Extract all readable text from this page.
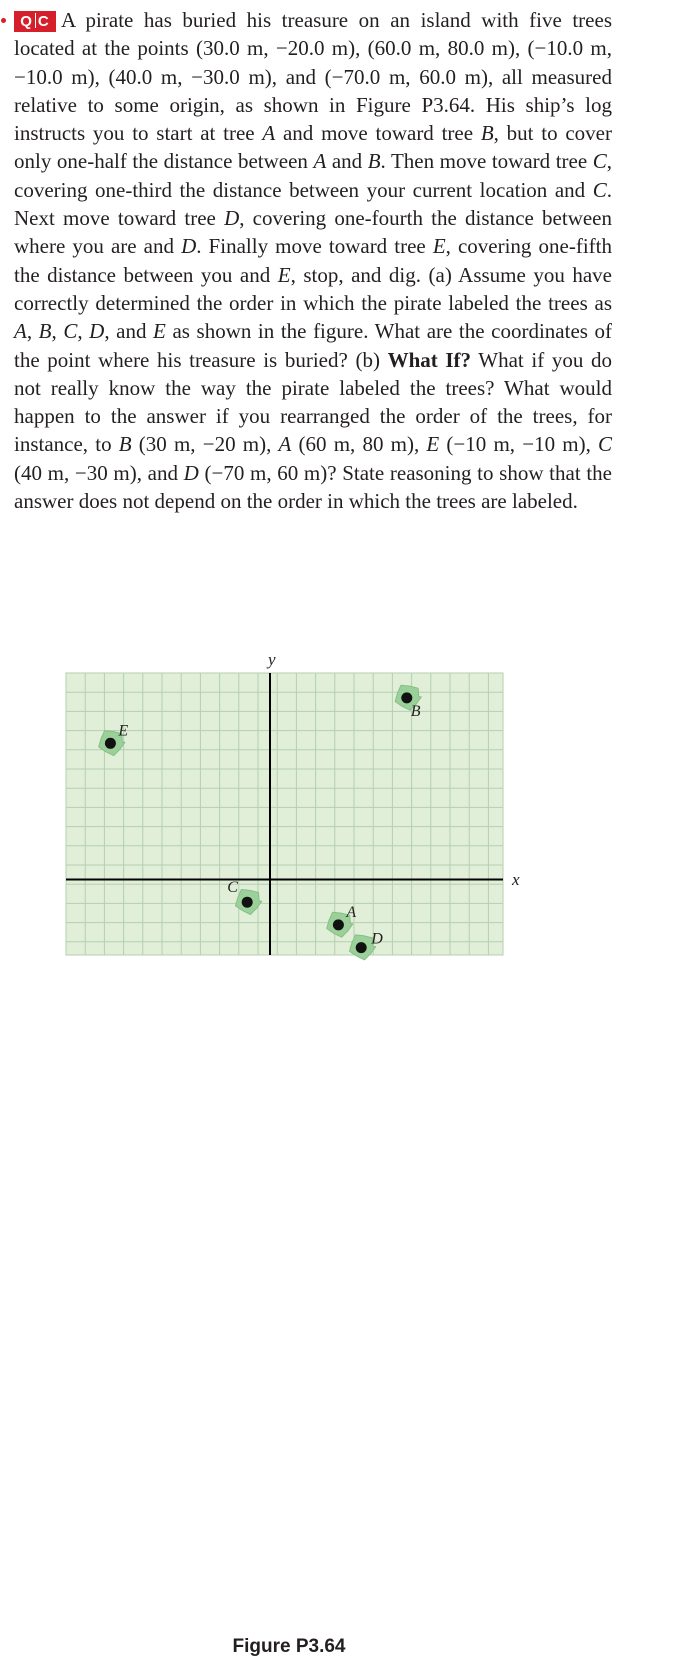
Q C A pirate has buried his treasure on an island with five trees located at the points (30.0 m, −20.0 m), (60.0 m, 80.0 m), (−10.0 m, −10.0 m), (40.0 m, −30.0 m), and (−70.0 m, 60.0 m), all measured relative to some origin, as shown in Figure P3.64. His ship’s log instructs you to start at tree A and move toward tree B, but to cover only one-half the distance between A and B. Then move toward tree C, covering one-third the distance between your current location and C. Next move toward tree D, covering one-fourth the distance between where you are and D. Finally move toward tree E, covering one-fifth the distance between you and E, stop, and dig. (a) Assume you have correctly determined the order in which the pirate labeled the trees as A, B, C, D, and E as shown in the figure. What are the coordinates of the point where his treasure is buried? (b) What If? What if you do not really know the way the pirate labeled the trees? What would happen to the answer if you rearranged the order of the trees, for instance, to B (30 m, −20 m), A (60 m, 80 m), E (−10 m, −10 m), C (40 m, −30 m), and D (−70 m, 60 m)? State reasoning to show that the answer does not depend on the order in which the trees are labeled.
x
y
A
B
C
D
E
Figure P3.64
